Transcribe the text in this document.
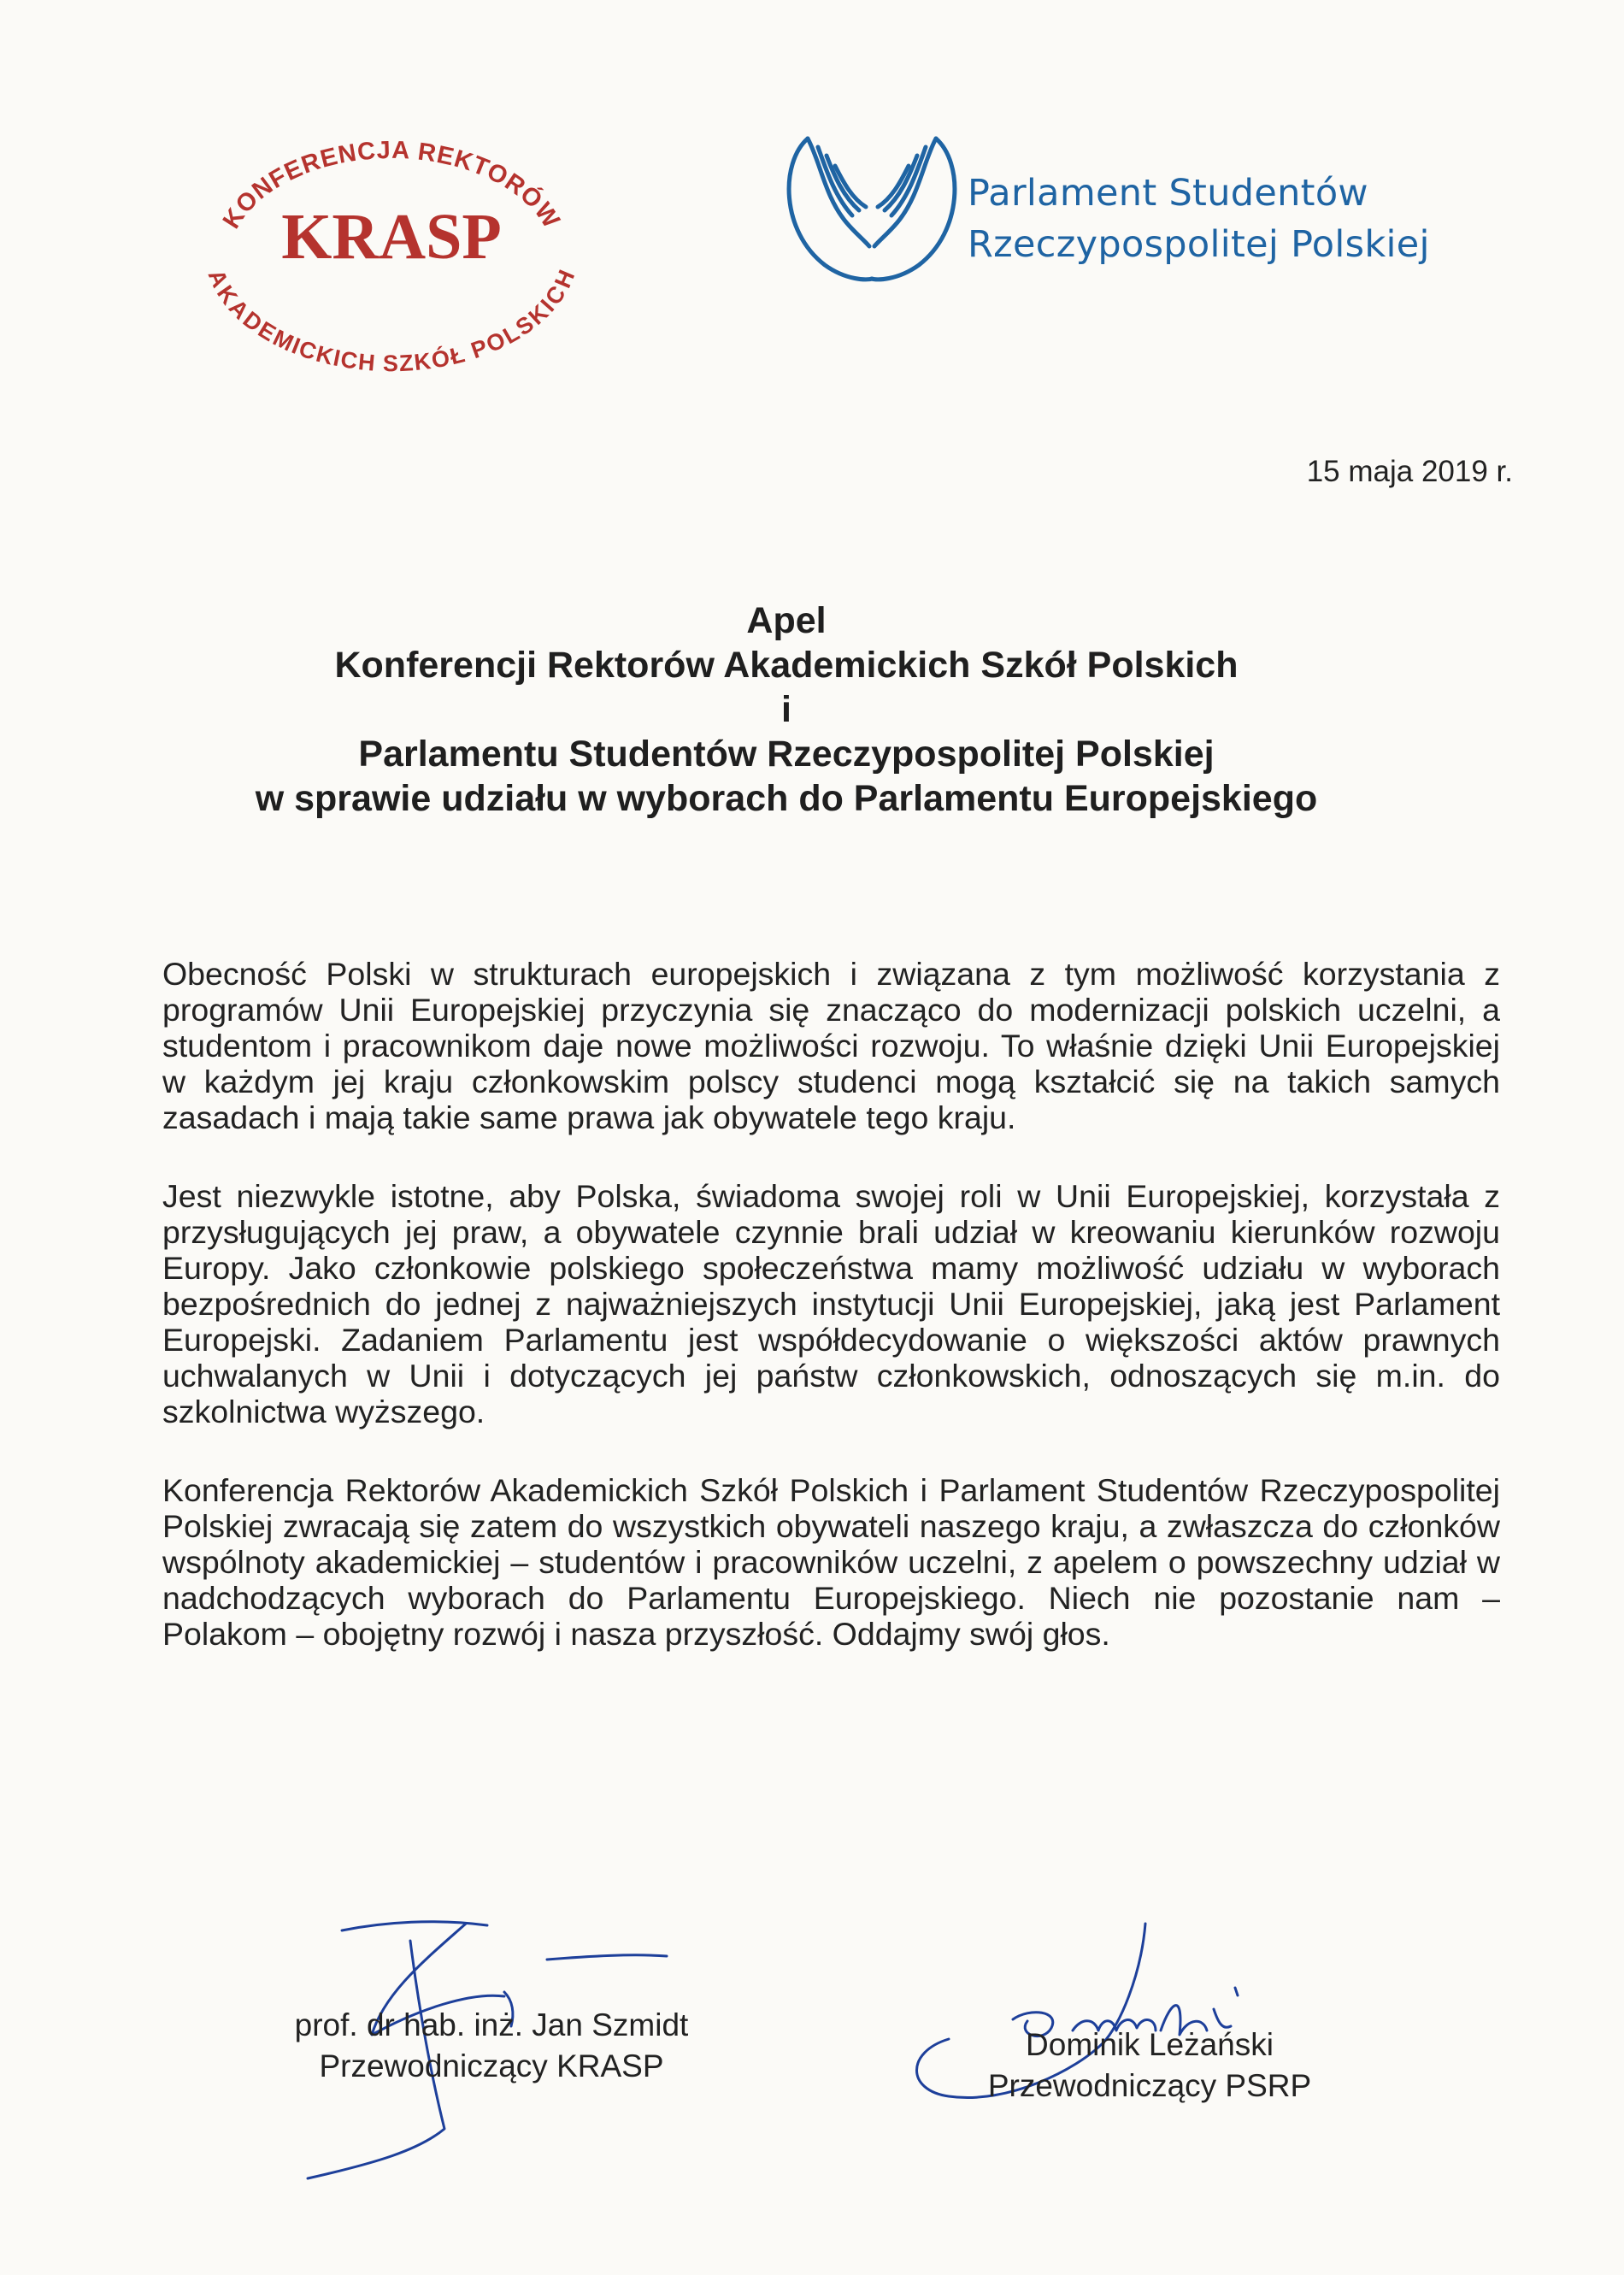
KONFERENCJA REKTORÓW
KRASP
AKADEMICKICH SZKÓŁ POLSKICH
Parlament Studentów
Rzeczypospolitej Polskiej
15 maja 2019 r.
Apel
Konferencji Rektorów Akademickich Szkół Polskich
i
Parlamentu Studentów Rzeczypospolitej Polskiej
w sprawie udziału w wyborach do Parlamentu Europejskiego

Obecność Polski w strukturach europejskich i związana z tym możliwość korzystania z programów Unii Europejskiej przyczynia się znacząco do modernizacji polskich uczelni, a studentom i pracownikom daje nowe możliwości rozwoju. To właśnie dzięki Unii Europejskiej w każdym jej kraju członkowskim polscy studenci mogą kształcić się na takich samych zasadach i mają takie same prawa jak obywatele tego kraju.

Jest niezwykle istotne, aby Polska, świadoma swojej roli w Unii Europejskiej, korzystała z przysługujących jej praw, a obywatele czynnie brali udział w kreowaniu kierunków rozwoju Europy. Jako członkowie polskiego społeczeństwa mamy możliwość udziału w wyborach bezpośrednich do jednej z najważniejszych instytucji Unii Europejskiej, jaką jest Parlament Europejski. Zadaniem Parlamentu jest współdecydowanie o większości aktów prawnych uchwalanych w Unii i dotyczących jej państw członkowskich, odnoszących się m.in. do szkolnictwa wyższego.

Konferencja Rektorów Akademickich Szkół Polskich i Parlament Studentów Rzeczypospolitej Polskiej zwracają się zatem do wszystkich obywateli naszego kraju, a zwłaszcza do członków wspólnoty akademickiej – studentów i pracowników uczelni, z apelem o powszechny udział w nadchodzących wyborach do Parlamentu Europejskiego. Niech nie pozostanie nam – Polakom – obojętny rozwój i nasza przyszłość. Oddajmy swój głos.

prof. dr hab. inż. Jan Szmidt
Przewodniczący KRASP
Dominik Leżański
Przewodniczący PSRP
